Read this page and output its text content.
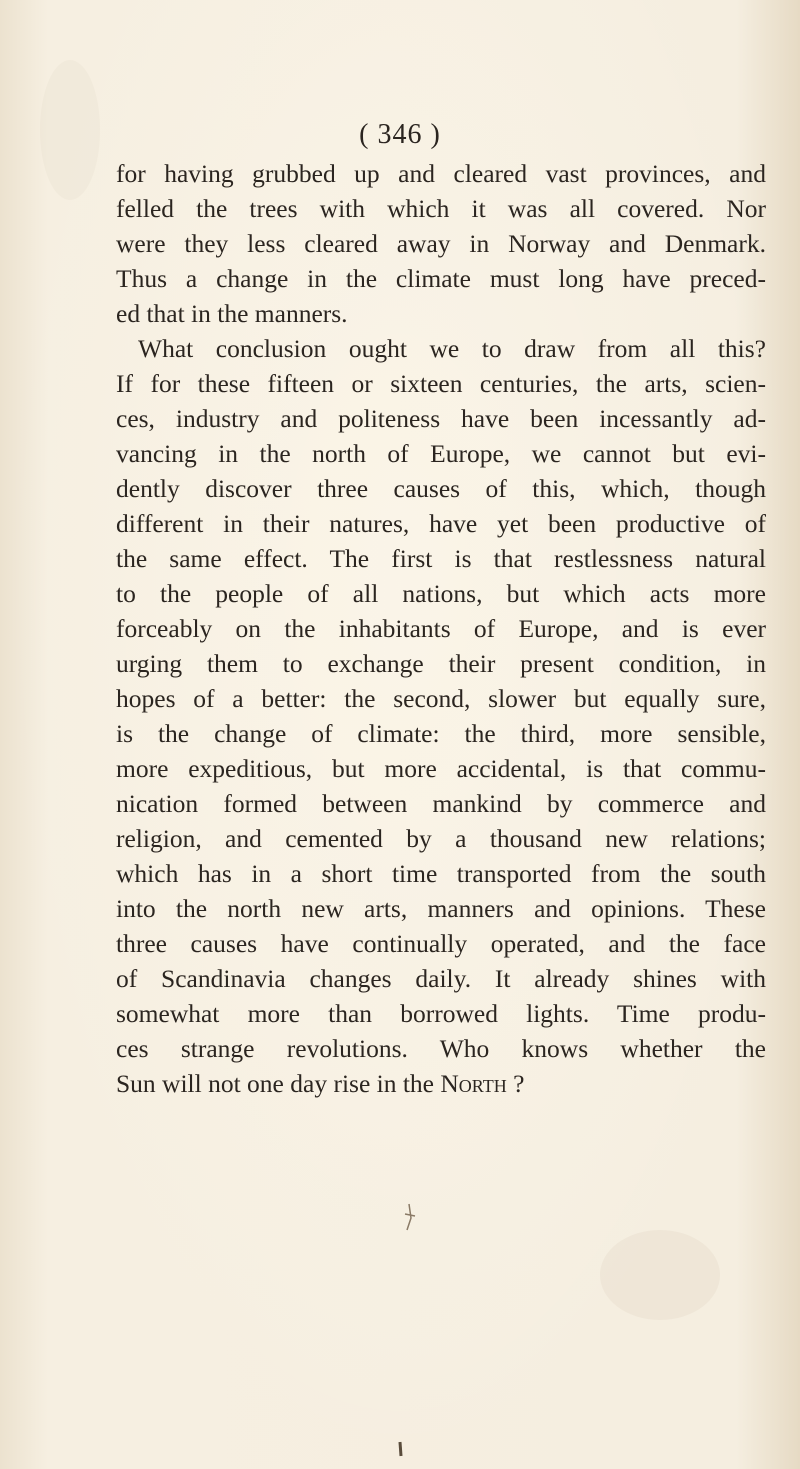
( 346 )
for having grubbed up and cleared vast provinces, and
felled the trees with which it was all covered. Nor
were they less cleared away in Norway and Denmark.
Thus a change in the climate must long have preced-
ed that in the manners.
What conclusion ought we to draw from all this?
If for these fifteen or sixteen centuries, the arts, scien-
ces, industry and politeness have been incessantly ad-
vancing in the north of Europe, we cannot but evi-
dently discover three causes of this, which, though
different in their natures, have yet been productive of
the same effect. The first is that restlessness natural
to the people of all nations, but which acts more
forceably on the inhabitants of Europe, and is ever
urging them to exchange their present condition, in
hopes of a better: the second, slower but equally sure,
is the change of climate: the third, more sensible,
more expeditious, but more accidental, is that commu-
nication formed between mankind by commerce and
religion, and cemented by a thousand new relations;
which has in a short time transported from the south
into the north new arts, manners and opinions. These
three causes have continually operated, and the face
of Scandinavia changes daily. It already shines with
somewhat more than borrowed lights. Time produ-
ces strange revolutions. Who knows whether the
Sun will not one day rise in the North ?
